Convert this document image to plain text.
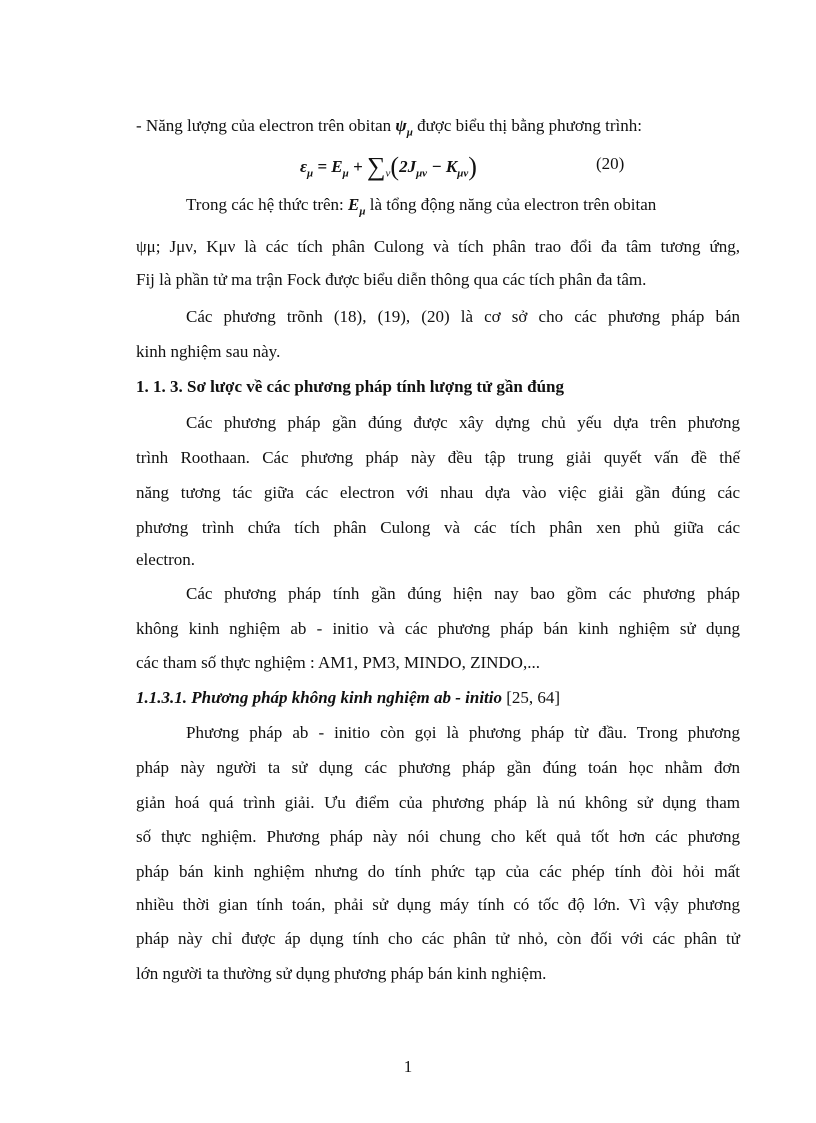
- Năng lượng của electron trên obitan $\psi_\mu$ được biểu thị bằng phương trình:
$\varepsilon_\mu = E_\mu + \sum_\nu(2J_{\mu\nu} - K_{\mu\nu})$	(20)
Trong các hệ thức trên: $E_\mu$ là tổng động năng của electron trên obitan
ψμ; Jμν, Kμν là các tích phân Culong và tích phân trao đổi đa tâm tương ứng,
Fij là phần tử ma trận Fock được biểu diễn thông qua các tích phân đa tâm.
Các phương trõnh (18), (19), (20) là cơ sở cho các phương pháp bán
kinh nghiệm sau này.
1. 1. 3. Sơ lược về các phương pháp tính lượng tử gần đúng
Các phương pháp gần đúng được xây dựng chủ yếu dựa trên phương
trình Roothaan. Các phương pháp này đều tập trung giải quyết vấn đề thế
năng tương tác giữa các electron với nhau dựa vào việc giải gần đúng các
phương trình chứa tích phân Culong và các tích phân xen phủ giữa các
electron.
Các phương pháp tính gần đúng hiện nay bao gồm các phương pháp
không kinh nghiệm ab - initio và các phương pháp bán kinh nghiệm sử dụng
các tham số thực nghiệm : AM1, PM3, MINDO, ZINDO,...
1.1.3.1. Phương pháp không kinh nghiệm ab - initio [25, 64]
Phương pháp ab - initio còn gọi là phương pháp từ đầu. Trong phương
pháp này người ta sử dụng các phương pháp gần đúng toán học nhằm đơn
giản hoá quá trình giải. Ưu điểm của phương pháp là nú không sử dụng tham
số thực nghiệm. Phương pháp này nói chung cho kết quả tốt hơn các phương
pháp bán kinh nghiệm nhưng do tính phức tạp của các phép tính đòi hỏi mất
nhiều thời gian tính toán, phải sử dụng máy tính có tốc độ lớn. Vì vậy phương
pháp này chỉ được áp dụng tính cho các phân tử nhỏ, còn đối với các phân tử
lớn người ta thường sử dụng phương pháp bán kinh nghiệm.
1
